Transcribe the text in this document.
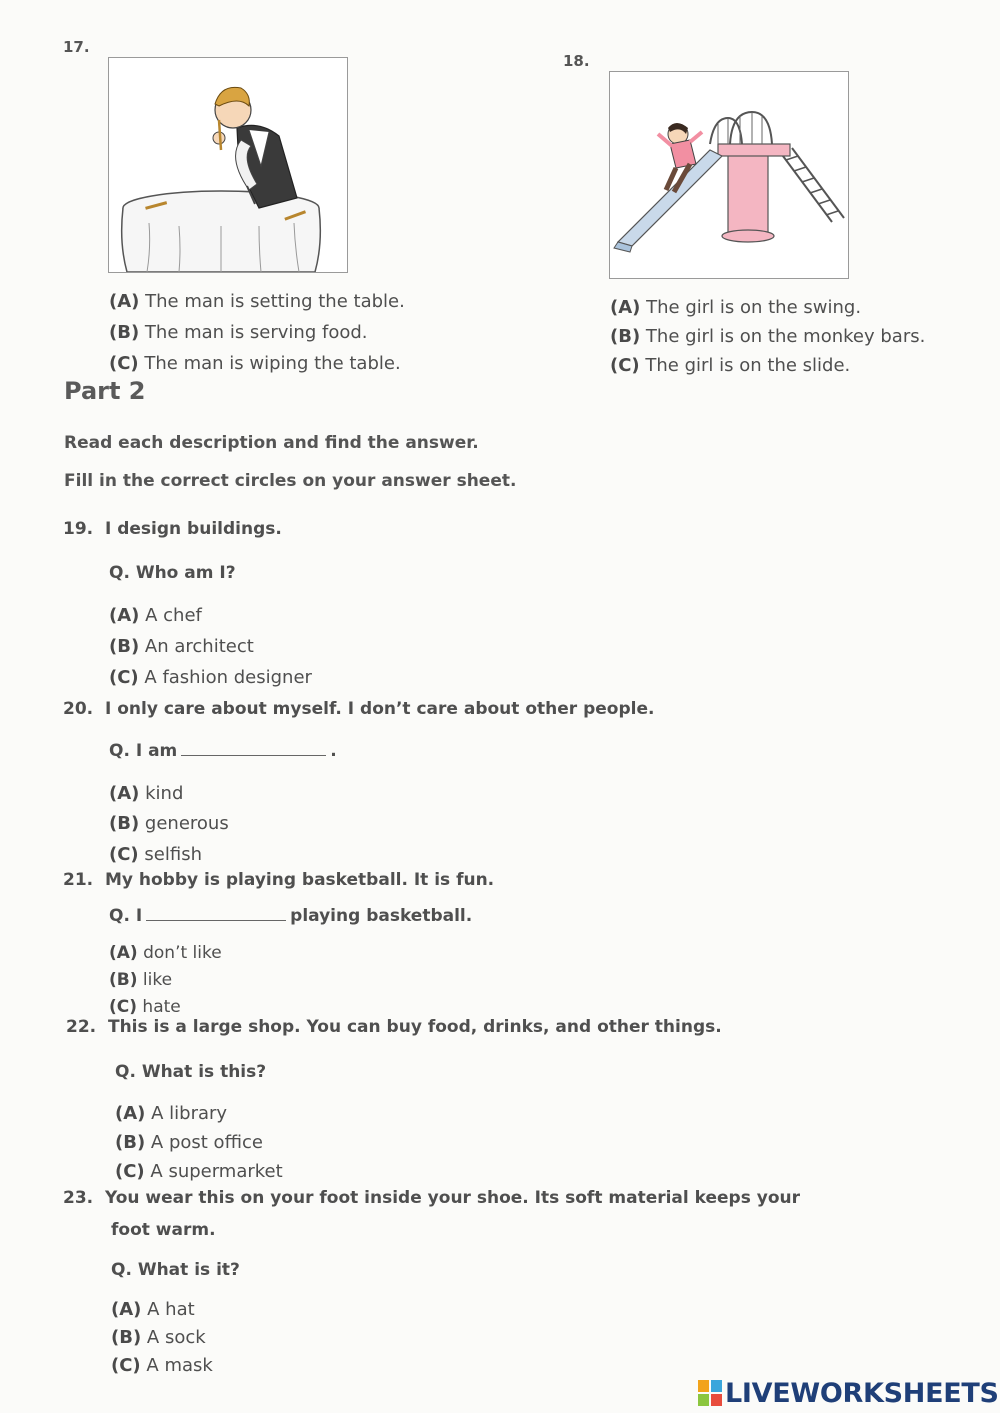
17.
(A) The man is setting the table.
(B) The man is serving food.
(C) The man is wiping the table.
18.
(A) The girl is on the swing.
(B) The girl is on the monkey bars.
(C) The girl is on the slide.
Part 2
Read each description and find the answer.
Fill in the correct circles on your answer sheet.
19. I design buildings.
Q. Who am I?
(A) A chef
(B) An architect
(C) A fashion designer
20. I only care about myself. I don’t care about other people.
Q. I am	.
(A) kind
(B) generous
(C) selfish
21. My hobby is playing basketball. It is fun.
Q. I	playing basketball.
(A) don’t like
(B) like
(C) hate
22. This is a large shop. You can buy food, drinks, and other things.
Q. What is this?
(A) A library
(B) A post office
(C) A supermarket
23. You wear this on your foot inside your shoe. Its soft material keeps your
foot warm.
Q. What is it?
(A) A hat
(B) A sock
(C) A mask
LIVEWORKSHEETS
